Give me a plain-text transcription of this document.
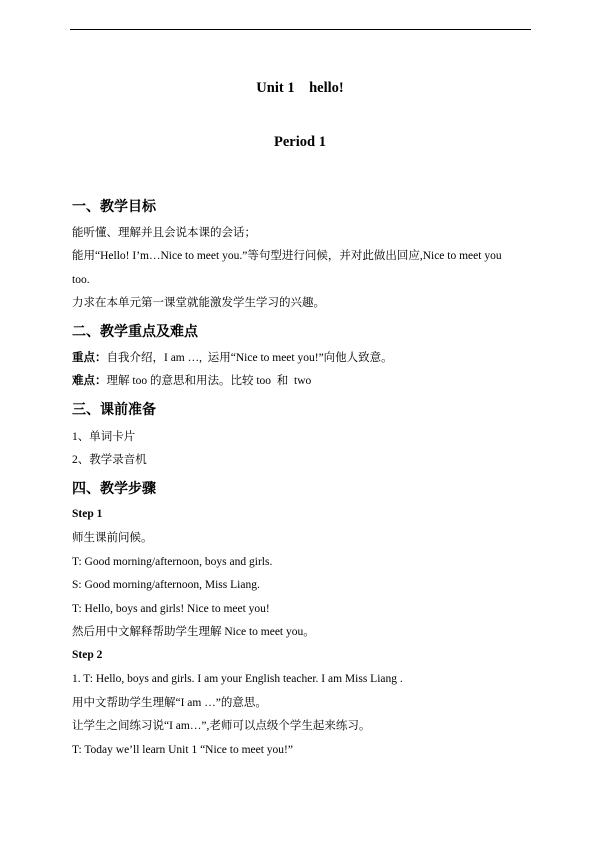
Unit 1    hello!
Period 1
一、教学目标
能听懂、理解并且会说本课的会话；
能用“Hello! I’m…Nice to meet you.”等句型进行问候，并对此做出回应,Nice to meet you
too.
力求在本单元第一课堂就能激发学生学习的兴趣。
二、教学重点及难点
重点：自我介绍，I am …,  运用“Nice to meet you!”向他人致意。
难点：理解 too 的意思和用法。比较 too  和  two
三、课前准备
1、单词卡片
2、教学录音机
四、教学步骤
Step 1
师生课前问候。
T: Good morning/afternoon, boys and girls.
S: Good morning/afternoon, Miss Liang.
T: Hello, boys and girls! Nice to meet you!
然后用中文解释帮助学生理解 Nice to meet you。
Step 2
1. T: Hello, boys and girls. I am your English teacher. I am Miss Liang .
用中文帮助学生理解“I am …”的意思。
让学生之间练习说“I am…”,老师可以点级个学生起来练习。
T: Today we’ll learn Unit 1 “Nice to meet you!”
